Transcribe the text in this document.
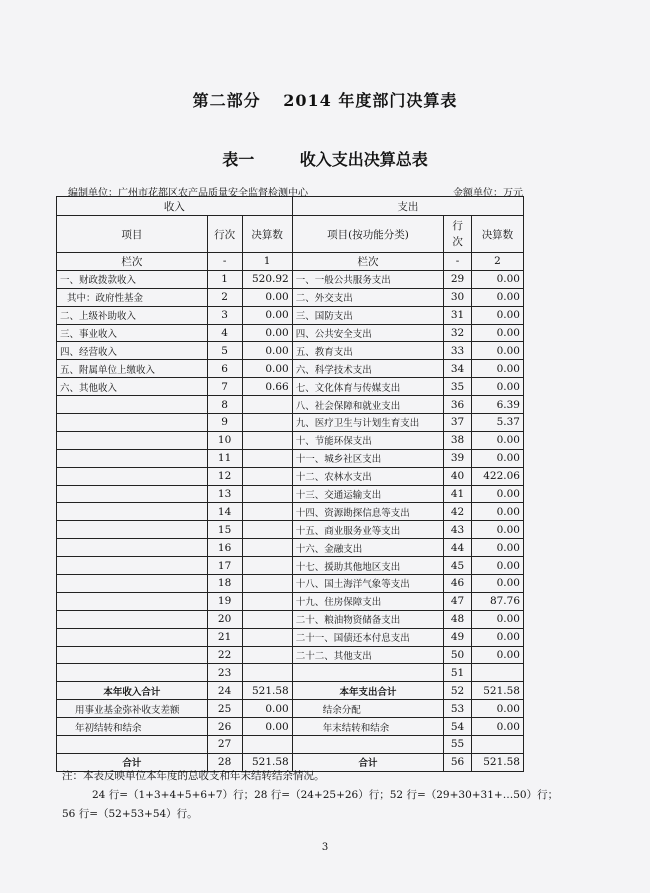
第二部分 2014 年度部门决算表
表一	收入支出决算总表
编制单位：广州市花都区农产品质量安全监督检测中心	金额单位：万元
收入			支出		
项目	行次	决算数	项目(按功能分类)	行次	决算数
栏次	-	1	栏次	-	2
一、财政拨款收入	1	520.92	一、一般公共服务支出	29	0.00
其中：政府性基金	2	0.00	二、外交支出	30	0.00
二、上级补助收入	3	0.00	三、国防支出	31	0.00
三、事业收入	4	0.00	四、公共安全支出	32	0.00
四、经营收入	5	0.00	五、教育支出	33	0.00
五、附属单位上缴收入	6	0.00	六、科学技术支出	34	0.00
六、其他收入	7	0.66	七、文化体育与传媒支出	35	0.00
	8		八、社会保障和就业支出	36	6.39
	9		九、医疗卫生与计划生育支出	37	5.37
	10		十、节能环保支出	38	0.00
	11		十一、城乡社区支出	39	0.00
	12		十二、农林水支出	40	422.06
	13		十三、交通运输支出	41	0.00
	14		十四、资源勘探信息等支出	42	0.00
	15		十五、商业服务业等支出	43	0.00
	16		十六、金融支出	44	0.00
	17		十七、援助其他地区支出	45	0.00
	18		十八、国土海洋气象等支出	46	0.00
	19		十九、住房保障支出	47	87.76
	20		二十、粮油物资储备支出	48	0.00
	21		二十一、国债还本付息支出	49	0.00
	22		二十二、其他支出	50	0.00
	23			51	
本年收入合计	24	521.58	本年支出合计	52	521.58
用事业基金弥补收支差额	25	0.00	结余分配	53	0.00
年初结转和结余	26	0.00	年末结转和结余	54	0.00
	27			55	
合计	28	521.58	合计	56	521.58
注：本表反映单位本年度的总收支和年末结转结余情况。
24 行=（1+3+4+5+6+7）行；28 行=（24+25+26）行；52 行=（29+30+31+…50）行；
56 行=（52+53+54）行。
3
